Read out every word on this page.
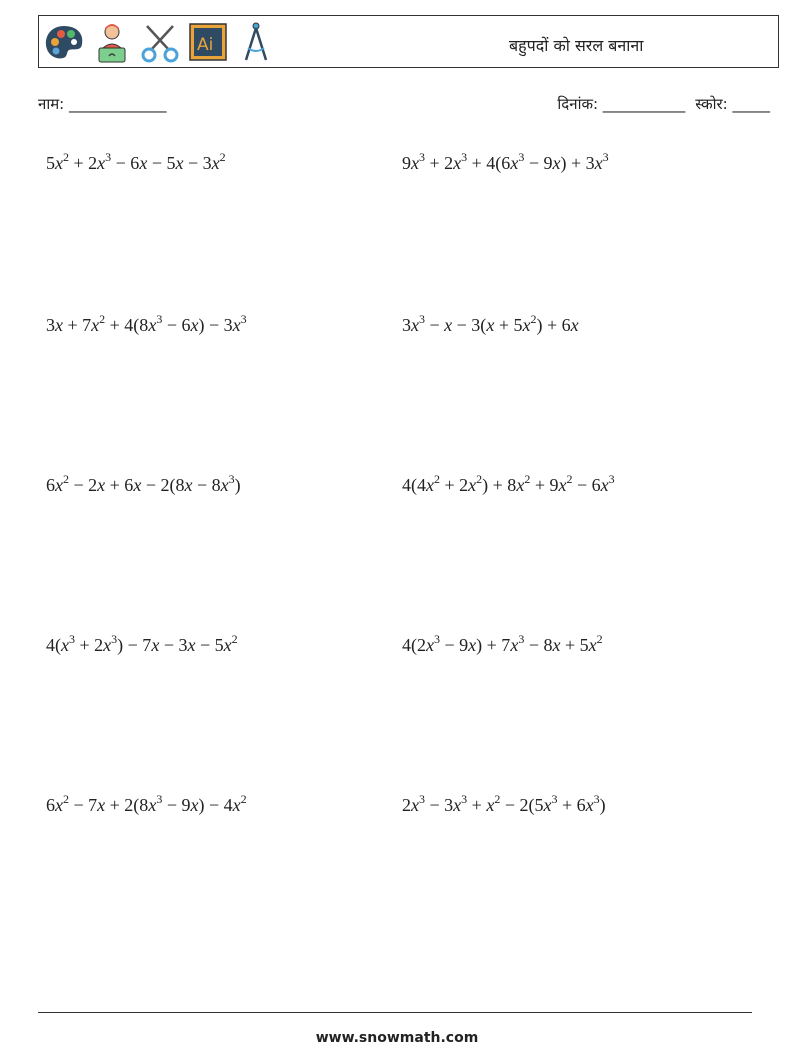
Ai	बहुपदों को सरल बनाना
नाम: _____________	दिनांक: ___________ स्कोर: _____
$5x^2 + 2x^3 - 6x - 5x - 3x^2$	$9x^3 + 2x^3 + 4(6x^3 - 9x) + 3x^3$
$3x + 7x^2 + 4(8x^3 - 6x) - 3x^3$	$3x^3 - x - 3(x + 5x^2) + 6x$
$6x^2 - 2x + 6x - 2(8x - 8x^3)$	$4(4x^2 + 2x^2) + 8x^2 + 9x^2 - 6x^3$
$4(x^3 + 2x^3) - 7x - 3x - 5x^2$	$4(2x^3 - 9x) + 7x^3 - 8x + 5x^2$
$6x^2 - 7x + 2(8x^3 - 9x) - 4x^2$	$2x^3 - 3x^3 + x^2 - 2(5x^3 + 6x^3)$
www.snowmath.com
